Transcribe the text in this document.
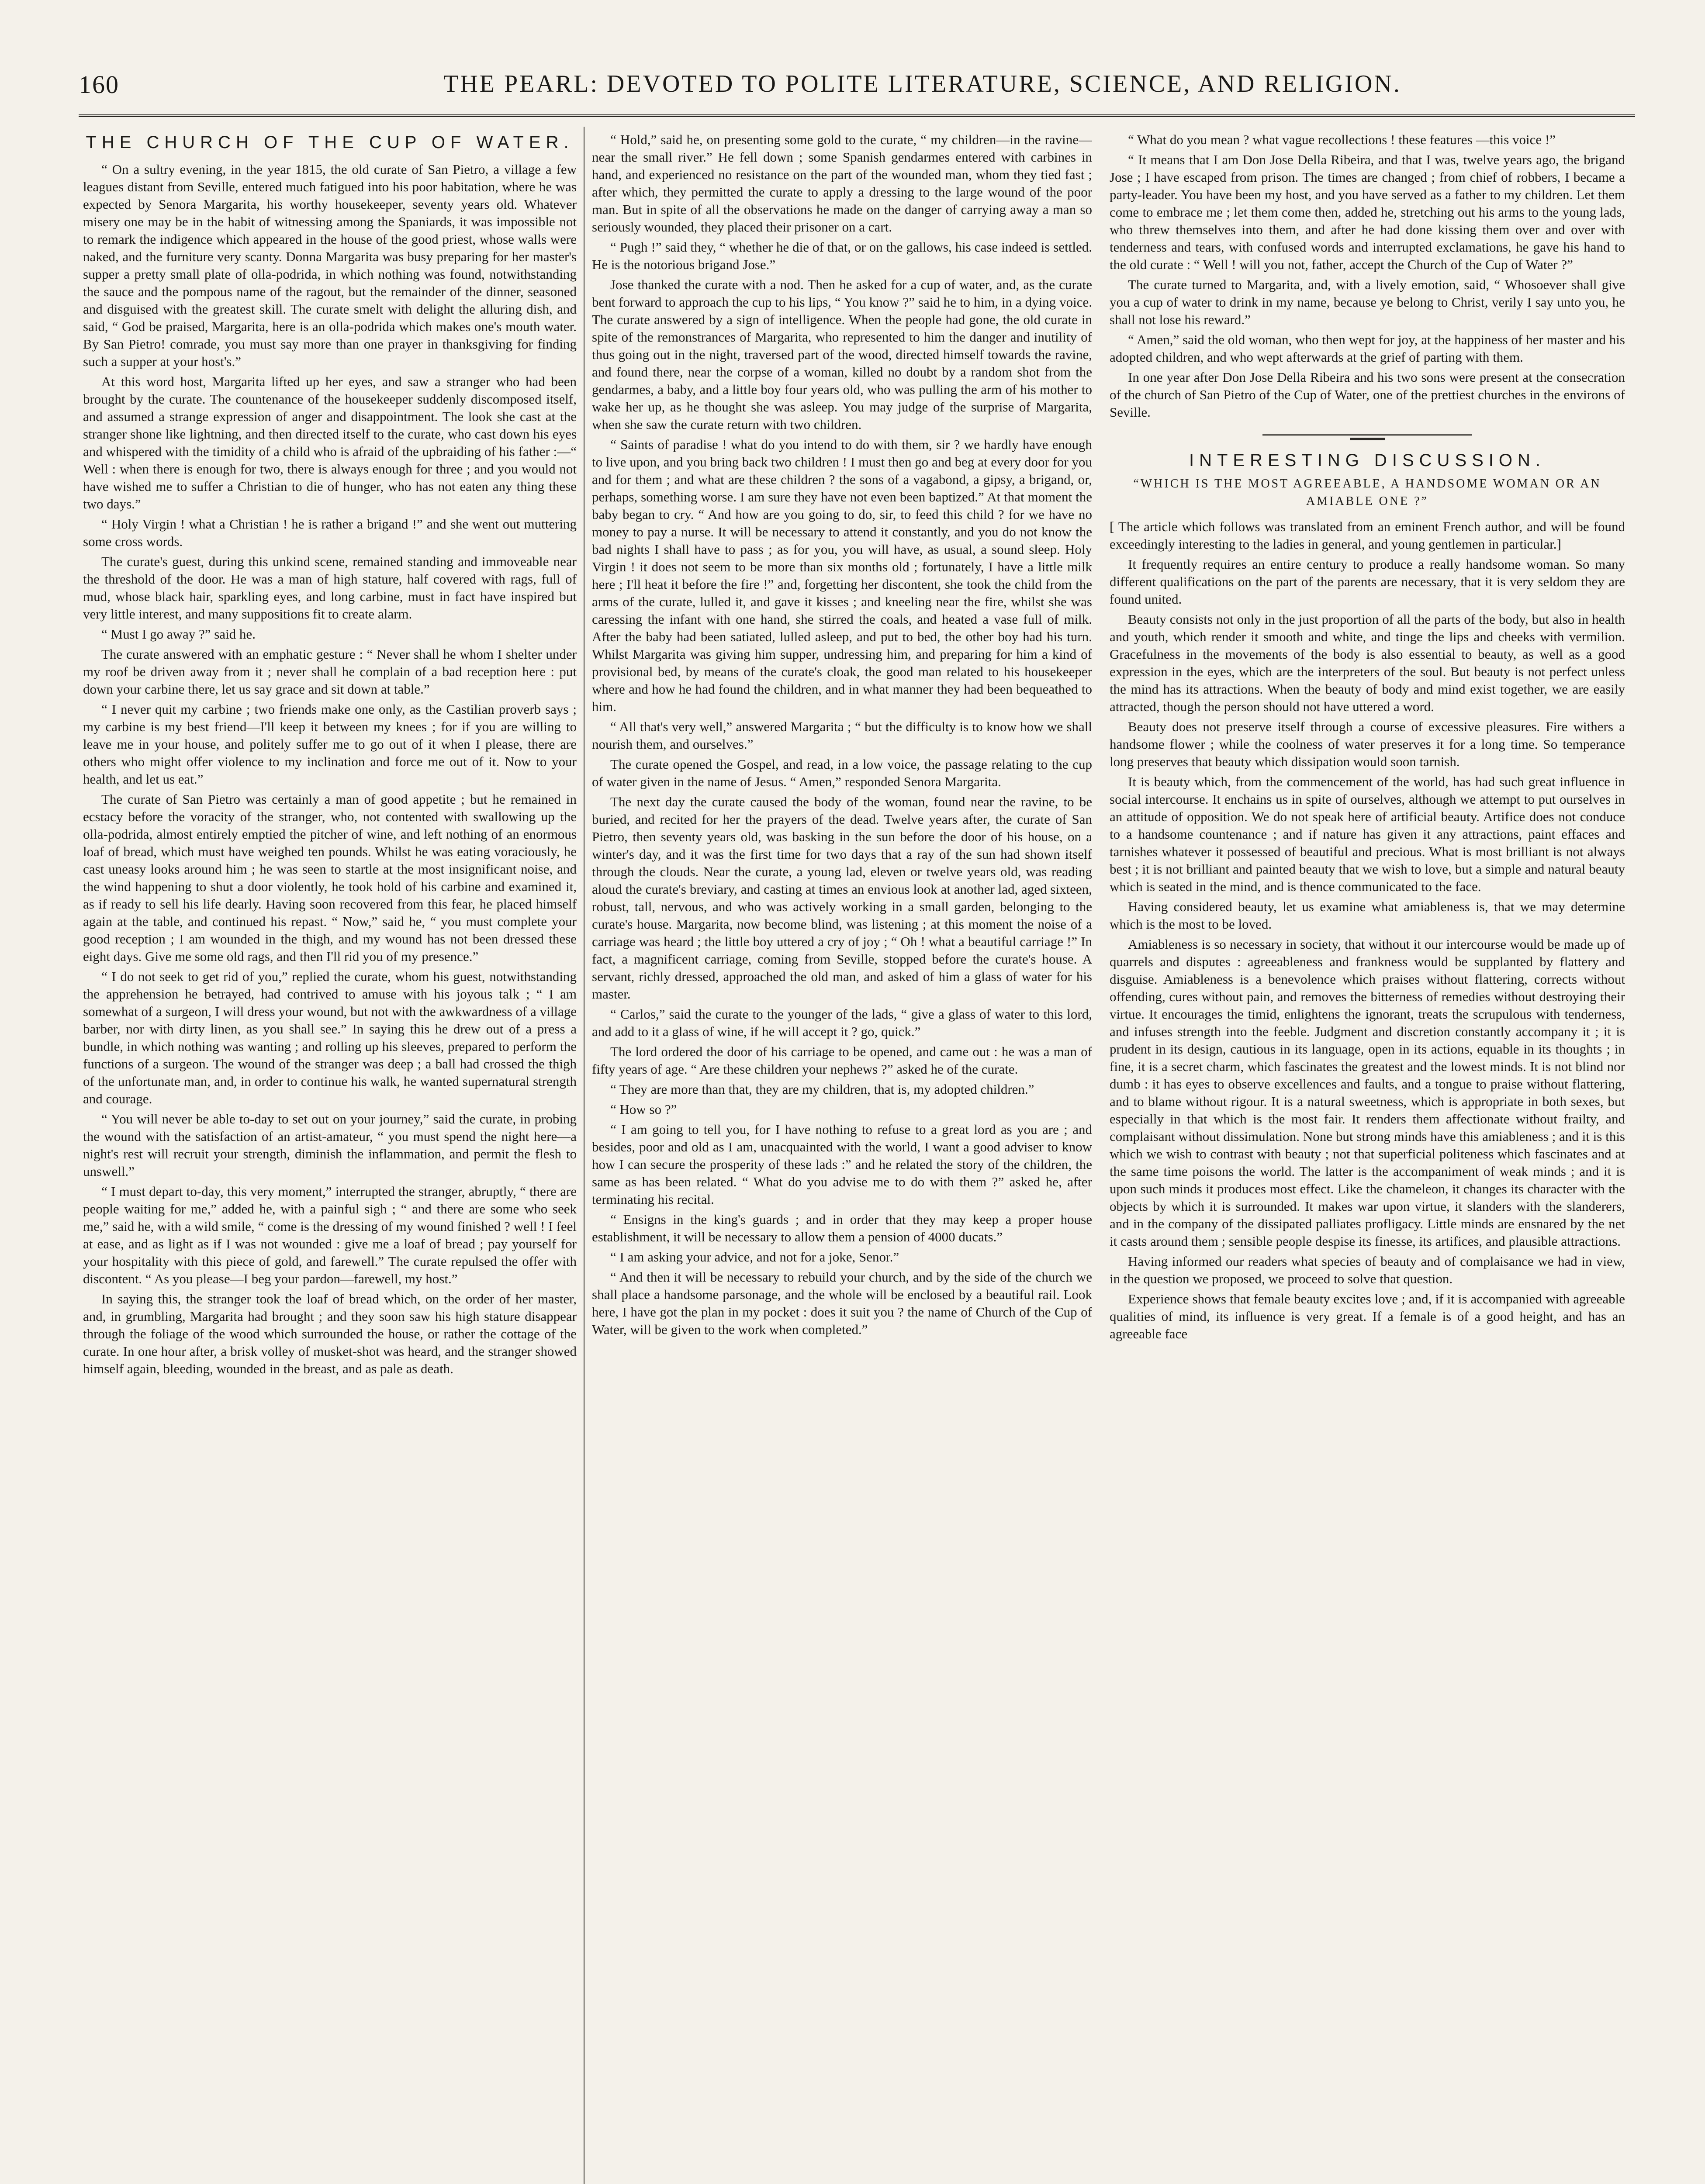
160	THE PEARL: DEVOTED TO POLITE LITERATURE, SCIENCE, AND RELIGION.
THE CHURCH OF THE CUP OF WATER.

“ On a sultry evening, in the year 1815, the old curate of San Pietro, a village a few leagues distant from Seville, entered much fatigued into his poor habitation, where he was expected by Senora Margarita, his worthy housekeeper, seventy years old. Whatever misery one may be in the habit of witnessing among the Spaniards, it was impossible not to remark the indigence which appeared in the house of the good priest, whose walls were naked, and the furniture very scanty. Donna Margarita was busy preparing for her master's supper a pretty small plate of olla-podrida, in which nothing was found, notwithstanding the sauce and the pompous name of the ragout, but the remainder of the dinner, seasoned and disguised with the greatest skill. The curate smelt with delight the alluring dish, and said, “ God be praised, Margarita, here is an olla-podrida which makes one's mouth water. By San Pietro! comrade, you must say more than one prayer in thanksgiving for finding such a supper at your host's.”

At this word host, Margarita lifted up her eyes, and saw a stranger who had been brought by the curate. The countenance of the housekeeper suddenly discomposed itself, and assumed a strange expression of anger and disappointment. The look she cast at the stranger shone like lightning, and then directed itself to the curate, who cast down his eyes and whispered with the timidity of a child who is afraid of the upbraiding of his father :—“ Well : when there is enough for two, there is always enough for three ; and you would not have wished me to suffer a Christian to die of hunger, who has not eaten any thing these two days.”

“ Holy Virgin ! what a Christian ! he is rather a brigand !” and she went out muttering some cross words.

The curate's guest, during this unkind scene, remained standing and immoveable near the threshold of the door. He was a man of high stature, half covered with rags, full of mud, whose black hair, sparkling eyes, and long carbine, must in fact have inspired but very little interest, and many suppositions fit to create alarm.

“ Must I go away ?” said he.

The curate answered with an emphatic gesture : “ Never shall he whom I shelter under my roof be driven away from it ; never shall he complain of a bad reception here : put down your carbine there, let us say grace and sit down at table.”

“ I never quit my carbine ; two friends make one only, as the Castilian proverb says ; my carbine is my best friend—I'll keep it between my knees ; for if you are willing to leave me in your house, and politely suffer me to go out of it when I please, there are others who might offer violence to my inclination and force me out of it. Now to your health, and let us eat.”

The curate of San Pietro was certainly a man of good appetite ; but he remained in ecstacy before the voracity of the stranger, who, not contented with swallowing up the olla-podrida, almost entirely emptied the pitcher of wine, and left nothing of an enormous loaf of bread, which must have weighed ten pounds. Whilst he was eating voraciously, he cast uneasy looks around him ; he was seen to startle at the most insignificant noise, and the wind happening to shut a door violently, he took hold of his carbine and examined it, as if ready to sell his life dearly. Having soon recovered from this fear, he placed himself again at the table, and continued his repast. “ Now,” said he, “ you must complete your good reception ; I am wounded in the thigh, and my wound has not been dressed these eight days. Give me some old rags, and then I'll rid you of my presence.”

“ I do not seek to get rid of you,” replied the curate, whom his guest, notwithstanding the apprehension he betrayed, had contrived to amuse with his joyous talk ; “ I am somewhat of a surgeon, I will dress your wound, but not with the awkwardness of a village barber, nor with dirty linen, as you shall see.” In saying this he drew out of a press a bundle, in which nothing was wanting ; and rolling up his sleeves, prepared to perform the functions of a surgeon. The wound of the stranger was deep ; a ball had crossed the thigh of the unfortunate man, and, in order to continue his walk, he wanted supernatural strength and courage.

“ You will never be able to-day to set out on your journey,” said the curate, in probing the wound with the satisfaction of an artist-amateur, “ you must spend the night here—a night's rest will recruit your strength, diminish the inflammation, and permit the flesh to unswell.”

“ I must depart to-day, this very moment,” interrupted the stranger, abruptly, “ there are people waiting for me,” added he, with a painful sigh ; “ and there are some who seek me,” said he, with a wild smile, “ come is the dressing of my wound finished ? well ! I feel at ease, and as light as if I was not wounded : give me a loaf of bread ; pay yourself for your hospitality with this piece of gold, and farewell.” The curate repulsed the offer with discontent. “ As you please—I beg your pardon—farewell, my host.”

In saying this, the stranger took the loaf of bread which, on the order of her master, and, in grumbling, Margarita had brought ; and they soon saw his high stature disappear through the foliage of the wood which surrounded the house, or rather the cottage of the curate. In one hour after, a brisk volley of musket-shot was heard, and the stranger showed himself again, bleeding, wounded in the breast, and as pale as death.

“ Hold,” said he, on presenting some gold to the curate, “ my children—in the ravine—near the small river.” He fell down ; some Spanish gendarmes entered with carbines in hand, and experienced no resistance on the part of the wounded man, whom they tied fast ; after which, they permitted the curate to apply a dressing to the large wound of the poor man. But in spite of all the observations he made on the danger of carrying away a man so seriously wounded, they placed their prisoner on a cart.

“ Pugh !” said they, “ whether he die of that, or on the gallows, his case indeed is settled. He is the notorious brigand Jose.”

Jose thanked the curate with a nod. Then he asked for a cup of water, and, as the curate bent forward to approach the cup to his lips, “ You know ?” said he to him, in a dying voice. The curate answered by a sign of intelligence. When the people had gone, the old curate in spite of the remonstrances of Margarita, who represented to him the danger and inutility of thus going out in the night, traversed part of the wood, directed himself towards the ravine, and found there, near the corpse of a woman, killed no doubt by a random shot from the gendarmes, a baby, and a little boy four years old, who was pulling the arm of his mother to wake her up, as he thought she was asleep. You may judge of the surprise of Margarita, when she saw the curate return with two children.

“ Saints of paradise ! what do you intend to do with them, sir ? we hardly have enough to live upon, and you bring back two children ! I must then go and beg at every door for you and for them ; and what are these children ? the sons of a vagabond, a gipsy, a brigand, or, perhaps, something worse. I am sure they have not even been baptized.” At that moment the baby began to cry. “ And how are you going to do, sir, to feed this child ? for we have no money to pay a nurse. It will be necessary to attend it constantly, and you do not know the bad nights I shall have to pass ; as for you, you will have, as usual, a sound sleep. Holy Virgin ! it does not seem to be more than six months old ; fortunately, I have a little milk here ; I'll heat it before the fire !” and, forgetting her discontent, she took the child from the arms of the curate, lulled it, and gave it kisses ; and kneeling near the fire, whilst she was caressing the infant with one hand, she stirred the coals, and heated a vase full of milk. After the baby had been satiated, lulled asleep, and put to bed, the other boy had his turn. Whilst Margarita was giving him supper, undressing him, and preparing for him a kind of provisional bed, by means of the curate's cloak, the good man related to his housekeeper where and how he had found the children, and in what manner they had been bequeathed to him.

“ All that's very well,” answered Margarita ; “ but the difficulty is to know how we shall nourish them, and ourselves.”

The curate opened the Gospel, and read, in a low voice, the passage relating to the cup of water given in the name of Jesus. “ Amen,” responded Senora Margarita.

The next day the curate caused the body of the woman, found near the ravine, to be buried, and recited for her the prayers of the dead. Twelve years after, the curate of San Pietro, then seventy years old, was basking in the sun before the door of his house, on a winter's day, and it was the first time for two days that a ray of the sun had shown itself through the clouds. Near the curate, a young lad, eleven or twelve years old, was reading aloud the curate's breviary, and casting at times an envious look at another lad, aged sixteen, robust, tall, nervous, and who was actively working in a small garden, belonging to the curate's house. Margarita, now become blind, was listening ; at this moment the noise of a carriage was heard ; the little boy uttered a cry of joy ; “ Oh ! what a beautiful carriage !” In fact, a magnificent carriage, coming from Seville, stopped before the curate's house. A servant, richly dressed, approached the old man, and asked of him a glass of water for his master.

“ Carlos,” said the curate to the younger of the lads, “ give a glass of water to this lord, and add to it a glass of wine, if he will accept it ? go, quick.”

The lord ordered the door of his carriage to be opened, and came out : he was a man of fifty years of age. “ Are these children your nephews ?” asked he of the curate.

“ They are more than that, they are my children, that is, my adopted children.”

“ How so ?”

“ I am going to tell you, for I have nothing to refuse to a great lord as you are ; and besides, poor and old as I am, unacquainted with the world, I want a good adviser to know how I can secure the prosperity of these lads :” and he related the story of the children, the same as has been related. “ What do you advise me to do with them ?” asked he, after terminating his recital.

“ Ensigns in the king's guards ; and in order that they may keep a proper house establishment, it will be necessary to allow them a pension of 4000 ducats.”

“ I am asking your advice, and not for a joke, Senor.”

“ And then it will be necessary to rebuild your church, and by the side of the church we shall place a handsome parsonage, and the whole will be enclosed by a beautiful rail. Look here, I have got the plan in my pocket : does it suit you ? the name of Church of the Cup of Water, will be given to the work when completed.”

“ What do you mean ? what vague recollections ! these features —this voice !”

“ It means that I am Don Jose Della Ribeira, and that I was, twelve years ago, the brigand Jose ; I have escaped from prison. The times are changed ; from chief of robbers, I became a party-leader. You have been my host, and you have served as a father to my children. Let them come to embrace me ; let them come then, added he, stretching out his arms to the young lads, who threw themselves into them, and after he had done kissing them over and over with tenderness and tears, with confused words and interrupted exclamations, he gave his hand to the old curate : “ Well ! will you not, father, accept the Church of the Cup of Water ?”

The curate turned to Margarita, and, with a lively emotion, said, “ Whosoever shall give you a cup of water to drink in my name, because ye belong to Christ, verily I say unto you, he shall not lose his reward.”

“ Amen,” said the old woman, who then wept for joy, at the happiness of her master and his adopted children, and who wept afterwards at the grief of parting with them.

In one year after Don Jose Della Ribeira and his two sons were present at the consecration of the church of San Pietro of the Cup of Water, one of the prettiest churches in the environs of Seville.

INTERESTING DISCUSSION.
“WHICH IS THE MOST AGREEABLE, A HANDSOME WOMAN OR AN AMIABLE ONE ?”

[ The article which follows was translated from an eminent French author, and will be found exceedingly interesting to the ladies in general, and young gentlemen in particular.]

It frequently requires an entire century to produce a really handsome woman. So many different qualifications on the part of the parents are necessary, that it is very seldom they are found united.

Beauty consists not only in the just proportion of all the parts of the body, but also in health and youth, which render it smooth and white, and tinge the lips and cheeks with vermilion. Gracefulness in the movements of the body is also essential to beauty, as well as a good expression in the eyes, which are the interpreters of the soul. But beauty is not perfect unless the mind has its attractions. When the beauty of body and mind exist together, we are easily attracted, though the person should not have uttered a word.

Beauty does not preserve itself through a course of excessive pleasures. Fire withers a handsome flower ; while the coolness of water preserves it for a long time. So temperance long preserves that beauty which dissipation would soon tarnish.

It is beauty which, from the commencement of the world, has had such great influence in social intercourse. It enchains us in spite of ourselves, although we attempt to put ourselves in an attitude of opposition. We do not speak here of artificial beauty. Artifice does not conduce to a handsome countenance ; and if nature has given it any attractions, paint effaces and tarnishes whatever it possessed of beautiful and precious. What is most brilliant is not always best ; it is not brilliant and painted beauty that we wish to love, but a simple and natural beauty which is seated in the mind, and is thence communicated to the face.

Having considered beauty, let us examine what amiableness is, that we may determine which is the most to be loved.

Amiableness is so necessary in society, that without it our intercourse would be made up of quarrels and disputes : agreeableness and frankness would be supplanted by flattery and disguise. Amiableness is a benevolence which praises without flattering, corrects without offending, cures without pain, and removes the bitterness of remedies without destroying their virtue. It encourages the timid, enlightens the ignorant, treats the scrupulous with tenderness, and infuses strength into the feeble. Judgment and discretion constantly accompany it ; it is prudent in its design, cautious in its language, open in its actions, equable in its thoughts ; in fine, it is a secret charm, which fascinates the greatest and the lowest minds. It is not blind nor dumb : it has eyes to observe excellences and faults, and a tongue to praise without flattering, and to blame without rigour. It is a natural sweetness, which is appropriate in both sexes, but especially in that which is the most fair. It renders them affectionate without frailty, and complaisant without dissimulation. None but strong minds have this amiableness ; and it is this which we wish to contrast with beauty ; not that superficial politeness which fascinates and at the same time poisons the world. The latter is the accompaniment of weak minds ; and it is upon such minds it produces most effect. Like the chameleon, it changes its character with the objects by which it is surrounded. It makes war upon virtue, it slanders with the slanderers, and in the company of the dissipated palliates profligacy. Little minds are ensnared by the net it casts around them ; sensible people despise its finesse, its artifices, and plausible attractions.

Having informed our readers what species of beauty and of complaisance we had in view, in the question we proposed, we proceed to solve that question.

Experience shows that female beauty excites love ; and, if it is accompanied with agreeable qualities of mind, its influence is very great. If a female is of a good height, and has an agreeable face
